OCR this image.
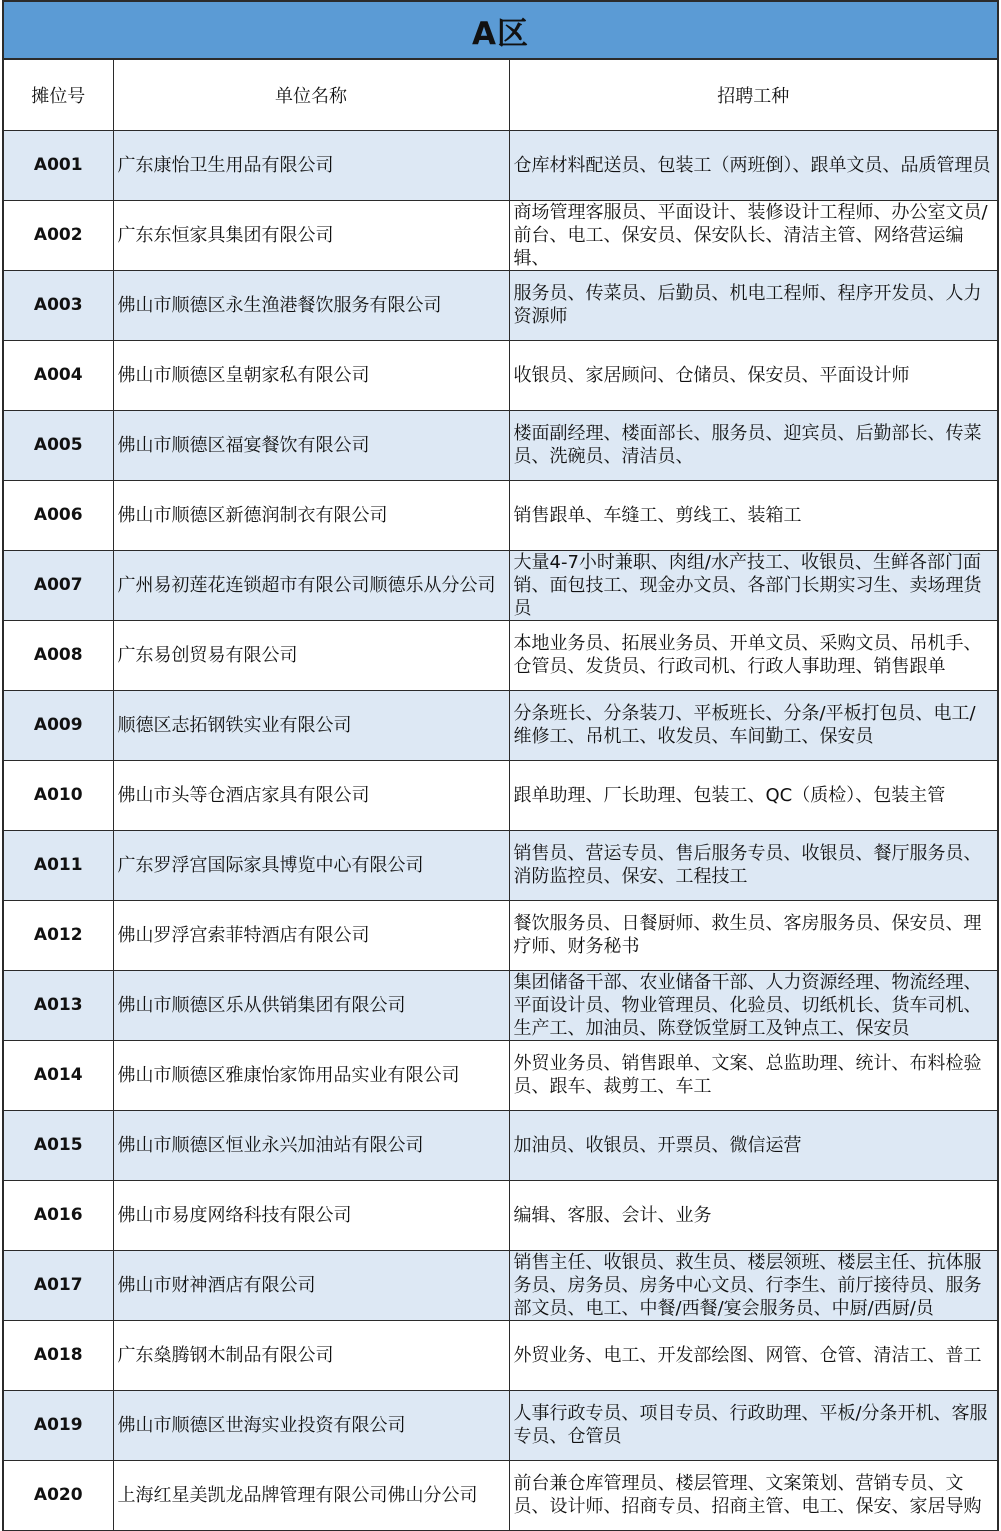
A区
摊位号	单位名称	招聘工种
A001	广东康怡卫生用品有限公司	仓库材料配送员、包装工（两班倒）、跟单文员、品质管理员

A002	广东东恒家具集团有限公司	商场管理客服员、平面设计、装修设计工程师、办公室文员/前台、电工、保安员、保安队长、清洁主管、网络营运编辑、

A003	佛山市顺德区永生渔港餐饮服务有限公司	服务员、传菜员、后勤员、机电工程师、程序开发员、人力资源师

A004	佛山市顺德区皇朝家私有限公司	收银员、家居顾问、仓储员、保安员、平面设计师

A005	佛山市顺德区福宴餐饮有限公司	楼面副经理、楼面部长、服务员、迎宾员、后勤部长、传菜员、洗碗员、清洁员、

A006	佛山市顺德区新德润制衣有限公司	销售跟单、车缝工、剪线工、装箱工

A007	广州易初莲花连锁超市有限公司顺德乐从分公司	大量4-7小时兼职、肉组/水产技工、收银员、生鲜各部门面销、面包技工、现金办文员、各部门长期实习生、卖场理货员

A008	广东易创贸易有限公司	本地业务员、拓展业务员、开单文员、采购文员、吊机手、仓管员、发货员、行政司机、行政人事助理、销售跟单

A009	顺德区志拓钢铁实业有限公司	分条班长、分条装刀、平板班长、分条/平板打包员、电工/维修工、吊机工、收发员、车间勤工、保安员

A010	佛山市头等仓酒店家具有限公司	跟单助理、厂长助理、包装工、QC（质检）、包装主管

A011	广东罗浮宫国际家具博览中心有限公司	销售员、营运专员、售后服务专员、收银员、餐厅服务员、消防监控员、保安、工程技工

A012	佛山罗浮宫索菲特酒店有限公司	餐饮服务员、日餐厨师、救生员、客房服务员、保安员、理疗师、财务秘书

A013	佛山市顺德区乐从供销集团有限公司	集团储备干部、农业储备干部、人力资源经理、物流经理、平面设计员、物业管理员、化验员、切纸机长、货车司机、生产工、加油员、陈登饭堂厨工及钟点工、保安员

A014	佛山市顺德区雅康怡家饰用品实业有限公司	外贸业务员、销售跟单、文案、总监助理、统计、布料检验员、跟车、裁剪工、车工

A015	佛山市顺德区恒业永兴加油站有限公司	加油员、收银员、开票员、微信运营

A016	佛山市易度网络科技有限公司	编辑、客服、会计、业务

A017	佛山市财神酒店有限公司	销售主任、收银员、救生员、楼层领班、楼层主任、抗体服务员、房务员、房务中心文员、行李生、前厅接待员、服务部文员、电工、中餐/西餐/宴会服务员、中厨/西厨/员

A018	广东燊腾钢木制品有限公司	外贸业务、电工、开发部绘图、网管、仓管、清洁工、普工

A019	佛山市顺德区世海实业投资有限公司	人事行政专员、项目专员、行政助理、平板/分条开机、客服专员、仓管员

A020	上海红星美凯龙品牌管理有限公司佛山分公司	前台兼仓库管理员、楼层管理、文案策划、营销专员、文员、设计师、招商专员、招商主管、电工、保安、家居导购
